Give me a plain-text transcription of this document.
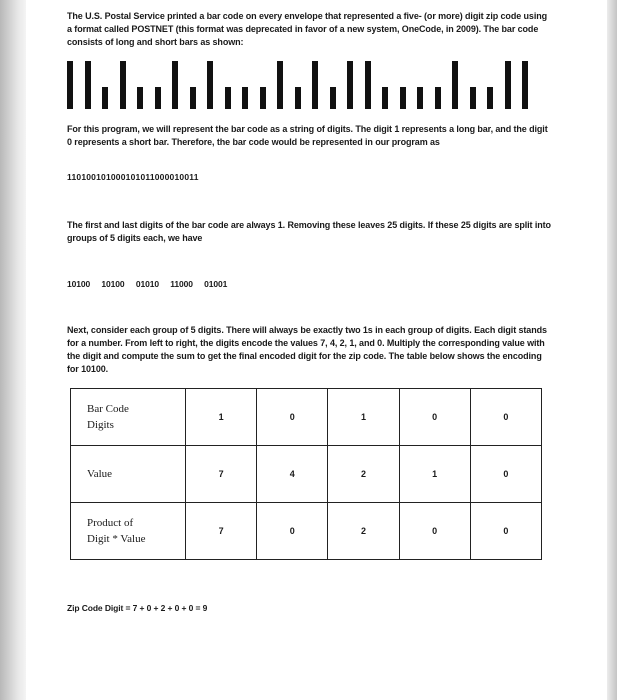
The U.S. Postal Service printed a bar code on every envelope that represented a five- (or more) digit zip code using a format called POSTNET (this format was deprecated in favor of a new system, OneCode, in 2009). The bar code consists of long and short bars as shown:

For this program, we will represent the bar code as a string of digits. The digit 1 represents a long bar, and the digit 0 represents a short bar. Therefore, the bar code would be represented in our program as

110100101000101011000010011

The first and last digits of the bar code are always 1. Removing these leaves 25 digits. If these 25 digits are split into groups of 5 digits each, we have

10100 10100 01010 11000 01001

Next, consider each group of 5 digits. There will always be exactly two 1s in each group of digits. Each digit stands for a number. From left to right, the digits encode the values 7, 4, 2, 1, and 0. Multiply the corresponding value with the digit and compute the sum to get the final encoded digit for the zip code. The table below shows the encoding for 10100.

Bar Code
Digits	1	0	1	0	0
Value	7	4	2	1	0
Product of
Digit * Value	7	0	2	0	0

Zip Code Digit = 7 + 0 + 2 + 0 + 0 = 9
